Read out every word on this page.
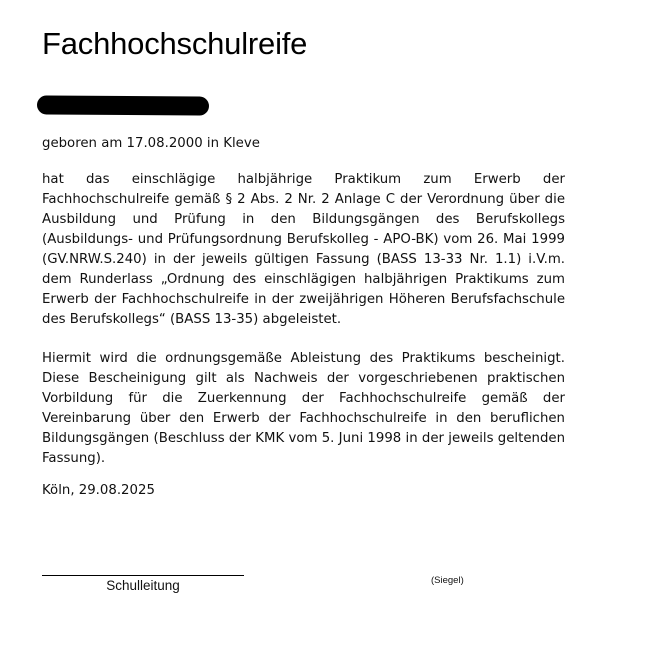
Fachhochschulreife

geboren am 17.08.2000 in Kleve

hat das einschlägige halbjährige Praktikum zum Erwerb der Fachhochschulreife gemäß § 2 Abs. 2 Nr. 2 Anlage C der Verordnung über die Ausbildung und Prüfung in den Bildungsgängen des Berufskollegs (Ausbildungs- und Prüfungsordnung Berufskolleg - APO-BK) vom 26. Mai 1999 (GV.NRW.S.240) in der jeweils gültigen Fassung (BASS 13-33 Nr. 1.1) i.V.m. dem Runderlass „Ordnung des einschlägigen halbjährigen Praktikums zum Erwerb der Fachhochschulreife in der zweijährigen Höheren Berufsfachschule des Berufskollegs“ (BASS 13-35) abgeleistet.

Hiermit wird die ordnungsgemäße Ableistung des Praktikums bescheinigt. Diese Bescheinigung gilt als Nachweis der vorgeschriebenen praktischen Vorbildung für die Zuerkennung der Fachhochschulreife gemäß der Vereinbarung über den Erwerb der Fachhochschulreife in den beruflichen Bildungsgängen (Beschluss der KMK vom 5. Juni 1998 in der jeweils geltenden Fassung).

Köln, 29.08.2025

Schulleitung	(Siegel)
